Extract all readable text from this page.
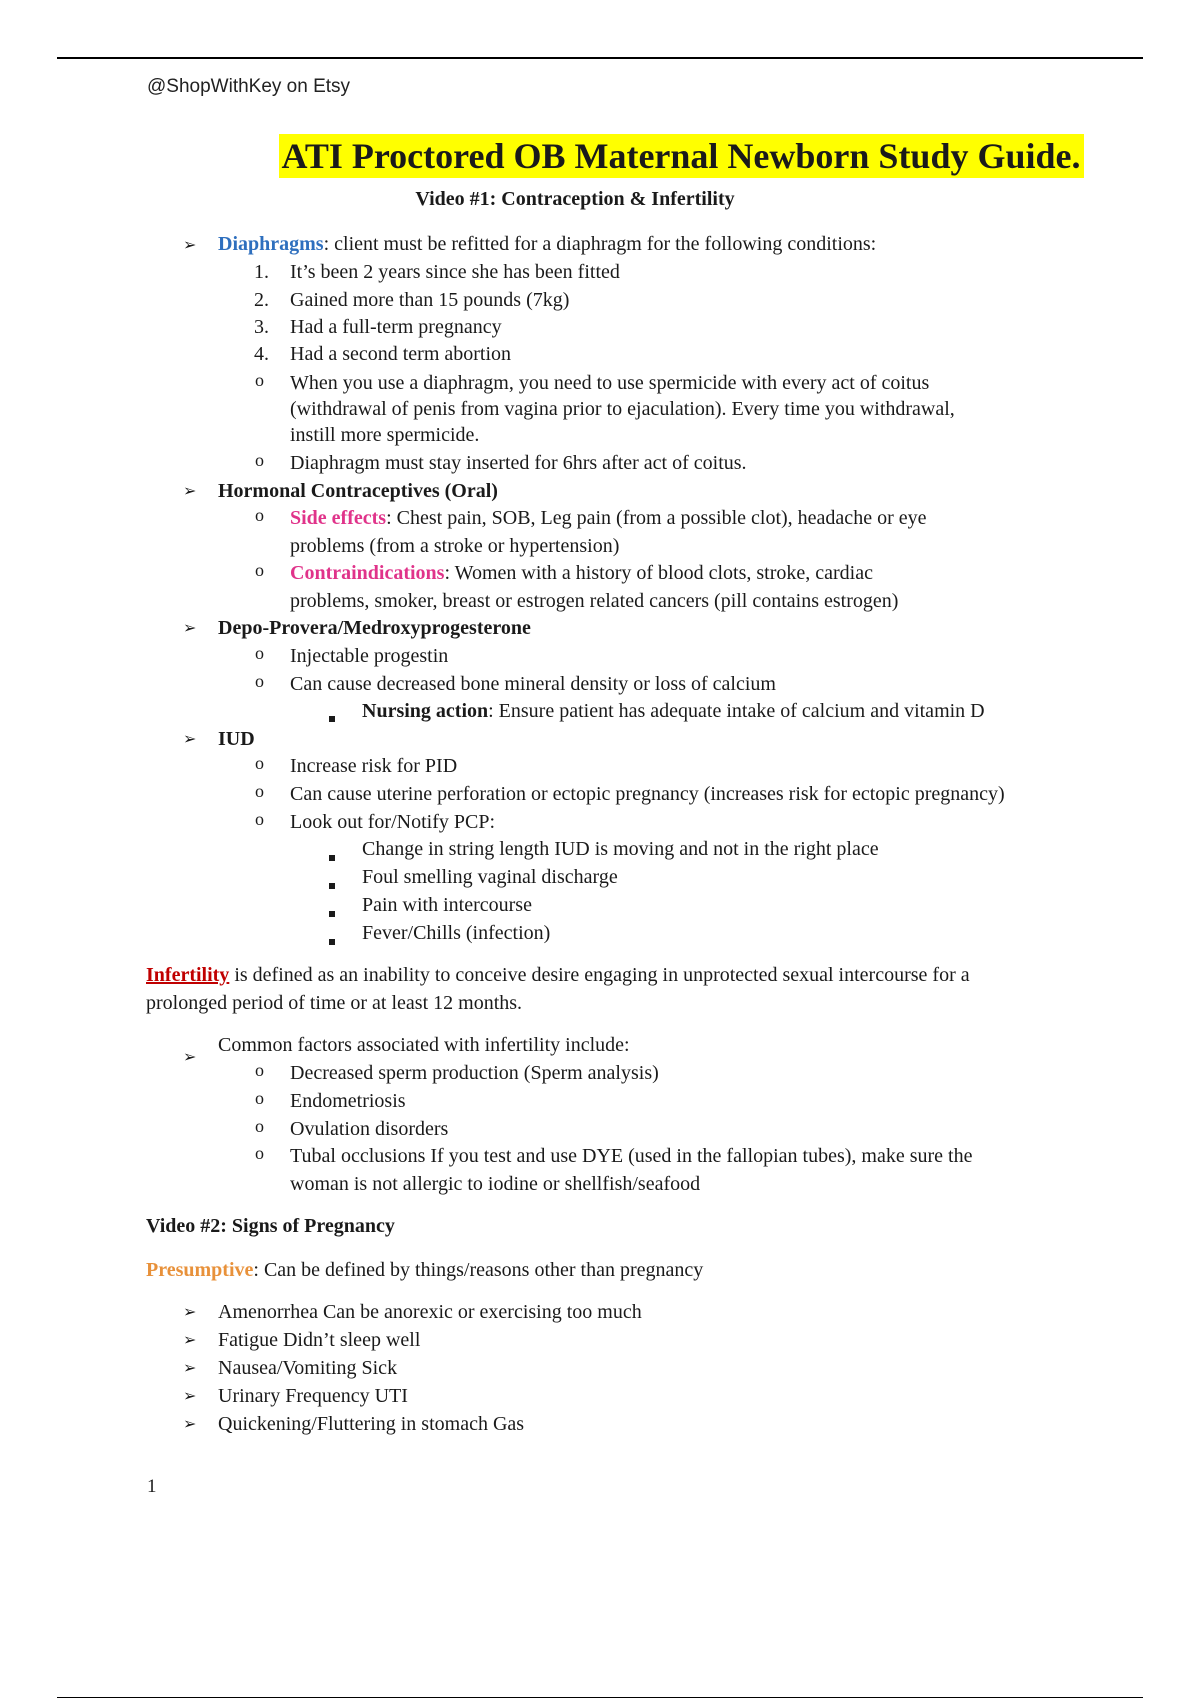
@ShopWithKey on Etsy
ATI Proctored OB Maternal Newborn Study Guide.
Video #1: Contraception & Infertility
➢ Diaphragms: client must be refitted for a diaphragm for the following conditions:
1. It’s been 2 years since she has been fitted
2. Gained more than 15 pounds (7kg)
3. Had a full-term pregnancy
4. Had a second term abortion
o When you use a diaphragm, you need to use spermicide with every act of coitus
(withdrawal of penis from vagina prior to ejaculation). Every time you withdrawal,
instill more spermicide.
o Diaphragm must stay inserted for 6hrs after act of coitus.
➢ Hormonal Contraceptives (Oral)
o Side effects: Chest pain, SOB, Leg pain (from a possible clot), headache or eye
problems (from a stroke or hypertension)
o Contraindications: Women with a history of blood clots, stroke, cardiac
problems, smoker, breast or estrogen related cancers (pill contains estrogen)
➢ Depo-Provera/Medroxyprogesterone
o Injectable progestin
o Can cause decreased bone mineral density or loss of calcium
Nursing action: Ensure patient has adequate intake of calcium and vitamin D
➢ IUD
o Increase risk for PID
o Can cause uterine perforation or ectopic pregnancy (increases risk for ectopic pregnancy)
o Look out for/Notify PCP:
Change in string length IUD is moving and not in the right place
Foul smelling vaginal discharge
Pain with intercourse
Fever/Chills (infection)
Infertility is defined as an inability to conceive desire engaging in unprotected sexual intercourse for a
prolonged period of time or at least 12 months.
➢
Common factors associated with infertility include:
o Decreased sperm production (Sperm analysis)
o Endometriosis
o Ovulation disorders
o Tubal occlusions If you test and use DYE (used in the fallopian tubes), make sure the
woman is not allergic to iodine or shellfish/seafood
Video #2: Signs of Pregnancy
Presumptive: Can be defined by things/reasons other than pregnancy
➢ Amenorrhea Can be anorexic or exercising too much
➢ Fatigue Didn’t sleep well
➢ Nausea/Vomiting Sick
➢ Urinary Frequency UTI
➢ Quickening/Fluttering in stomach Gas
1
